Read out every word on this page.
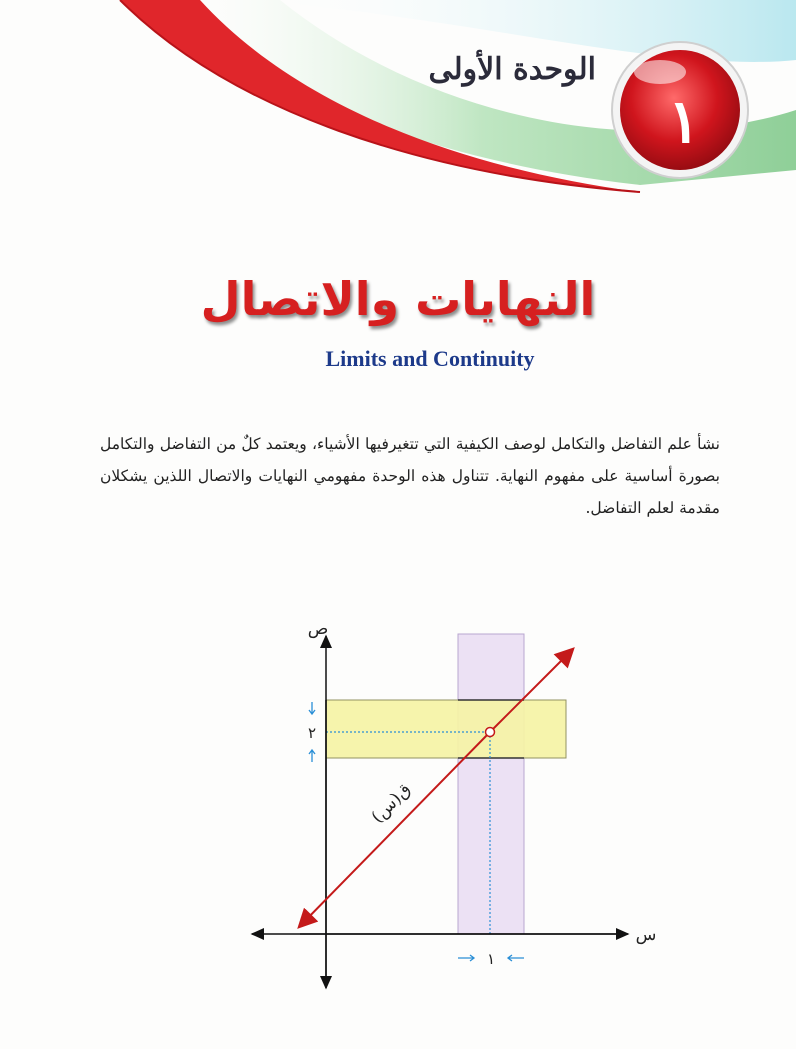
الوحدة الأولى
١
النهايات والاتصال
Limits and Continuity

نشأ علم التفاضل والتكامل لوصف الكيفية التي تتغيرفيها الأشياء، ويعتمد كلٌ من التفاضل والتكامل بصورة أساسية على مفهوم النهاية. تتناول هذه الوحدة مفهومي النهايات والاتصال اللذين يشكلان مقدمة لعلم التفاضل.

ص
س
٢
١
ق(س)
